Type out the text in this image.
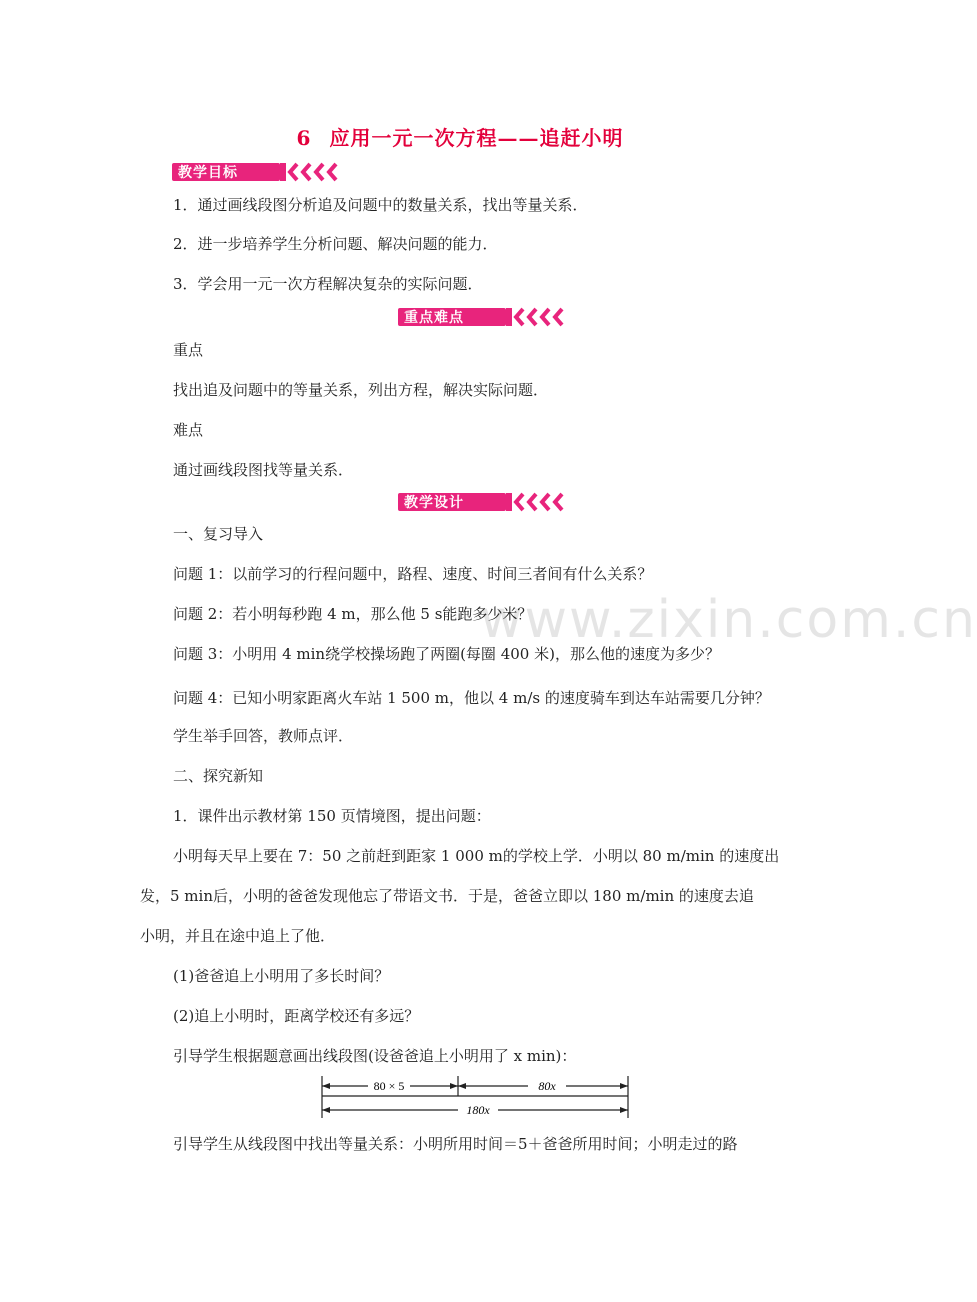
6 应用一元一次方程——追赶小明
教学目标
1．通过画线段图分析追及问题中的数量关系，找出等量关系．
2．进一步培养学生分析问题、解决问题的能力．
3．学会用一元一次方程解决复杂的实际问题．
重点难点
重点
找出追及问题中的等量关系，列出方程，解决实际问题．
难点
通过画线段图找等量关系．
教学设计
www.zixin.com.cn
一、复习导入
问题 1：以前学习的行程问题中，路程、速度、时间三者间有什么关系？
问题 2：若小明每秒跑 4 m，那么他 5 s能跑多少米？
问题 3：小明用 4 min绕学校操场跑了两圈(每圈 400 米)，那么他的速度为多少？
问题 4：已知小明家距离火车站 1 500 m，他以 4 m/s 的速度骑车到达车站需要几分钟？
学生举手回答，教师点评．
二、探究新知
1．课件出示教材第 150 页情境图，提出问题：
小明每天早上要在 7：50 之前赶到距家 1 000 m的学校上学．小明以 80 m/min 的速度出
发，5 min后，小明的爸爸发现他忘了带语文书．于是，爸爸立即以 180 m/min 的速度去追
小明，并且在途中追上了他．
(1)爸爸追上小明用了多长时间？
(2)追上小明时，距离学校还有多远？
引导学生根据题意画出线段图(设爸爸追上小明用了 x min)：
80 × 5	80x
180x
引导学生从线段图中找出等量关系：小明所用时间＝5＋爸爸所用时间；小明走过的路
